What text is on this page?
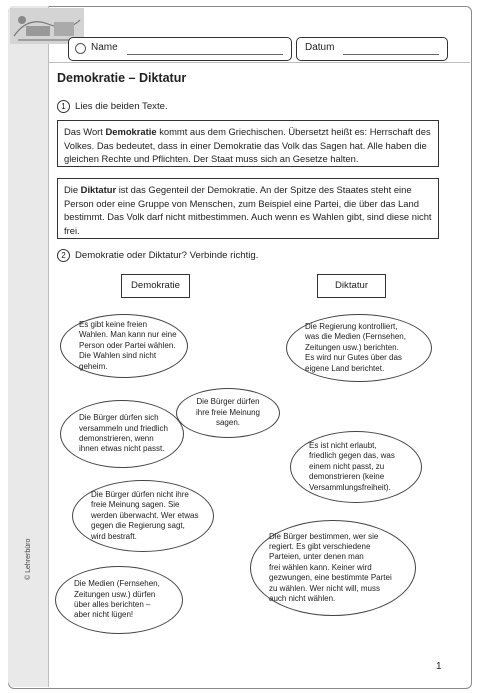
Name	Datum
Demokratie – Diktatur
1 Lies die beiden Texte.
Das Wort Demokratie kommt aus dem Griechischen. Übersetzt heißt es: Herrschaft des Volkes. Das bedeutet, dass in einer Demokratie das Volk das Sagen hat. Alle haben die gleichen Rechte und Pflichten. Der Staat muss sich an Gesetze halten.
Die Diktatur ist das Gegenteil der Demokratie. An der Spitze des Staates steht eine Person oder eine Gruppe von Menschen, zum Beispiel eine Partei, die über das Land bestimmt. Das Volk darf nicht mitbestimmen. Auch wenn es Wahlen gibt, sind diese nicht frei.
2 Demokratie oder Diktatur? Verbinde richtig.
Demokratie	Diktatur
Es gibt keine freien
Wahlen. Man kann nur eine
Person oder Partei wählen.
Die Wahlen sind nicht
geheim.
Die Regierung kontrolliert,
was die Medien (Fernsehen,
Zeitungen usw.) berichten.
Es wird nur Gutes über das
eigene Land berichtet.
Die Bürger dürfen
ihre freie Meinung
sagen.
Die Bürger dürfen sich
versammeln und friedlich
demonstrieren, wenn
ihnen etwas nicht passt.	Es ist nicht erlaubt,
friedlich gegen das, was
einem nicht passt, zu
demonstrieren (keine
Versammlungsfreiheit).
Die Bürger dürfen nicht ihre
freie Meinung sagen. Sie
werden überwacht. Wer etwas
gegen die Regierung sagt,
wird bestraft.	Die Bürger bestimmen, wer sie
regiert. Es gibt verschiedene
Parteien, unter denen man
frei wählen kann. Keiner wird
gezwungen, eine bestimmte Partei
zu wählen. Wer nicht will, muss
auch nicht wählen.
Die Medien (Fernsehen,
Zeitungen usw.) dürfen
über alles berichten –
aber nicht lügen!
© Lehrerbüro
1
